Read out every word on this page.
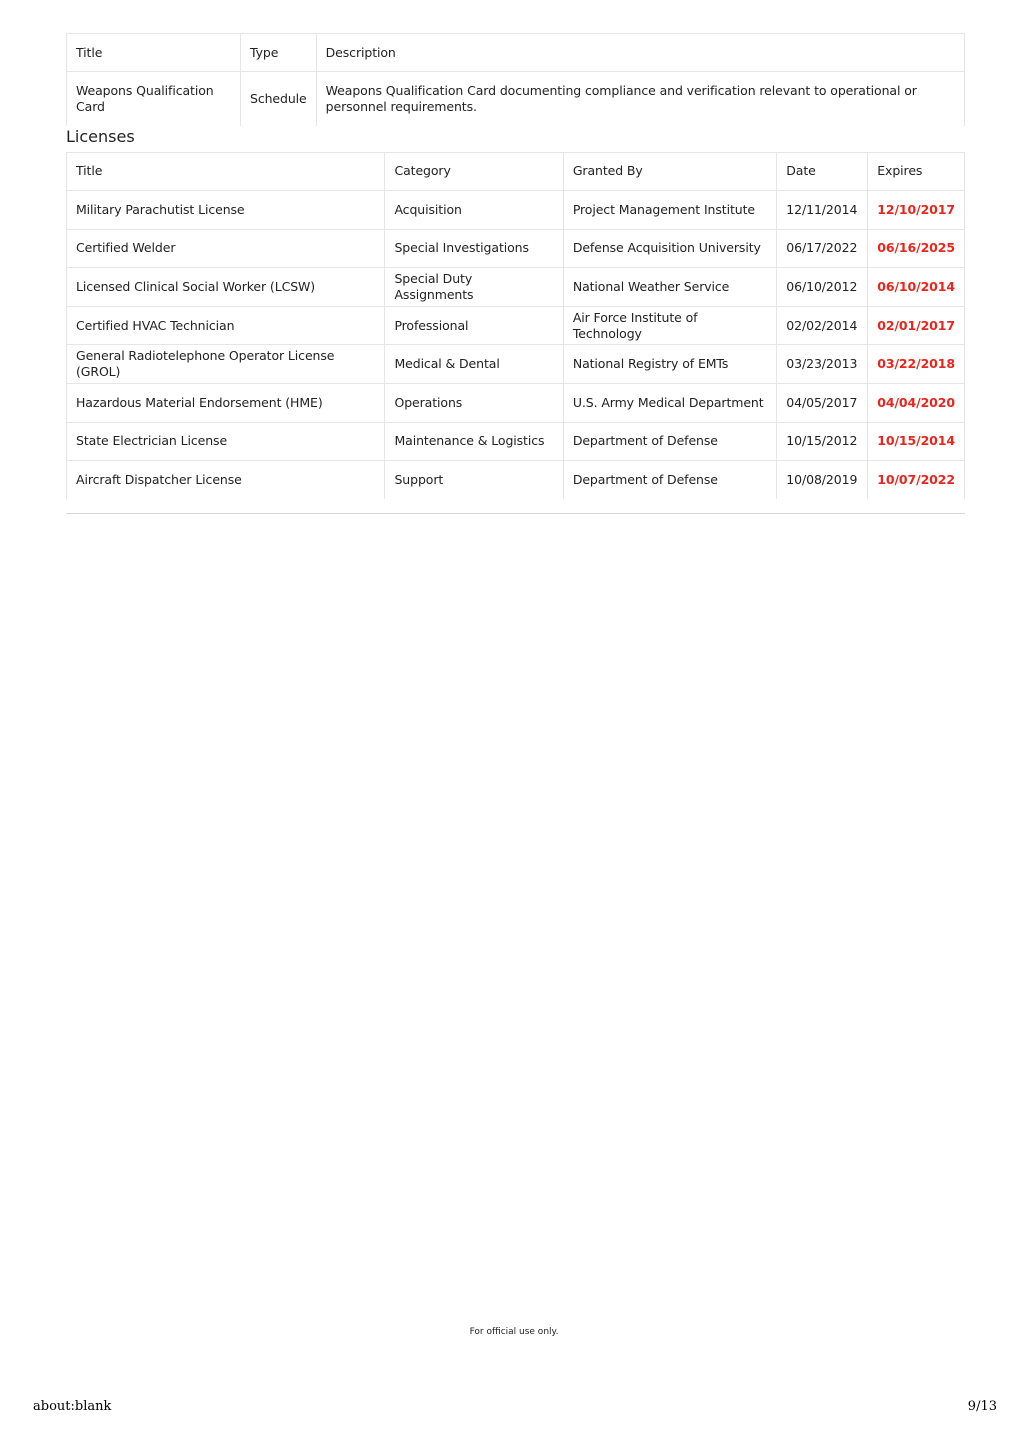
Title	Type	Description
Weapons Qualification Card	Schedule	Weapons Qualification Card documenting compliance and verification relevant to operational or personnel requirements.
Licenses
Title	Category	Granted By	Date	Expires
Military Parachutist License	Acquisition	Project Management Institute	12/11/2014	12/10/2017
Certified Welder	Special Investigations	Defense Acquisition University	06/17/2022	06/16/2025
Licensed Clinical Social Worker (LCSW)	Special Duty Assignments	National Weather Service	06/10/2012	06/10/2014
Certified HVAC Technician	Professional	Air Force Institute of Technology	02/02/2014	02/01/2017
General Radiotelephone Operator License (GROL)	Medical & Dental	National Registry of EMTs	03/23/2013	03/22/2018
Hazardous Material Endorsement (HME)	Operations	U.S. Army Medical Department	04/05/2017	04/04/2020
State Electrician License	Maintenance & Logistics	Department of Defense	10/15/2012	10/15/2014
Aircraft Dispatcher License	Support	Department of Defense	10/08/2019	10/07/2022
For official use only.
about:blank	9/13
